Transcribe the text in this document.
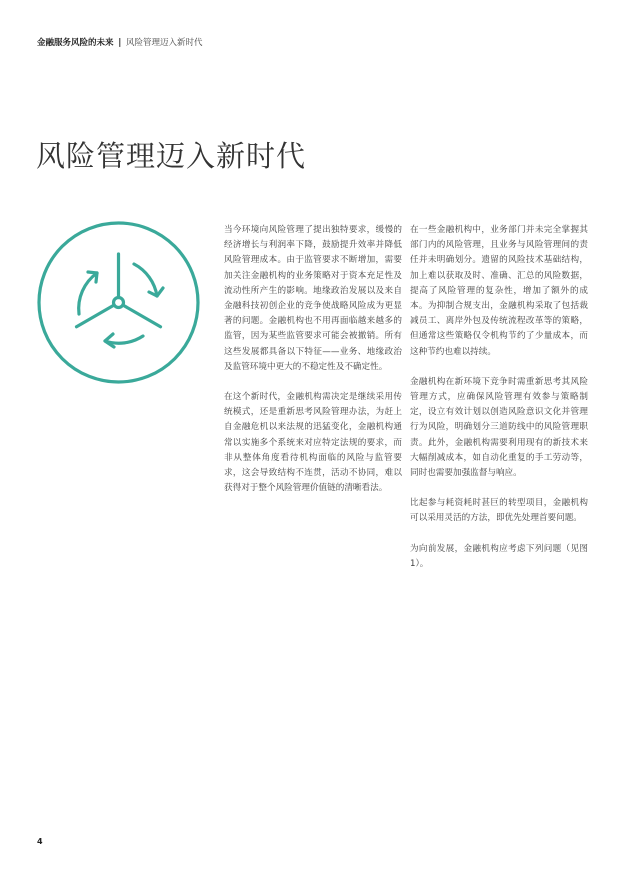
金融服务风险的未来 | 风险管理迈入新时代
风险管理迈入新时代

当今环境向风险管理了提出独特要求，缓慢的经济增长与利润率下降，鼓励提升效率并降低风险管理成本。由于监管要求不断增加，需要加关注金融机构的业务策略对于资本充足性及流动性所产生的影响。地缘政治发展以及来自金融科技初创企业的竞争使战略风险成为更显著的问题。金融机构也不用再面临越来越多的监管，因为某些监管要求可能会被撤销。所有这些发展都具备以下特征——业务、地缘政治及监管环境中更大的不稳定性及不确定性。

在这个新时代，金融机构需决定是继续采用传统模式，还是重新思考风险管理办法，为赶上自金融危机以来法规的迅猛变化，金融机构通常以实施多个系统来对应特定法规的要求，而非从整体角度看待机构面临的风险与监管要求，这会导致结构不连贯，活动不协同，难以获得对于整个风险管理价值链的清晰看法。

在一些金融机构中，业务部门并未完全掌握其部门内的风险管理，且业务与风险管理间的责任并未明确划分。遗留的风险技术基础结构，加上难以获取及时、准确、汇总的风险数据，提高了风险管理的复杂性，增加了额外的成本。为抑制合规支出，金融机构采取了包括裁减员工、离岸外包及传统流程改革等的策略，但通常这些策略仅令机构节约了少量成本，而这种节约也难以持续。

金融机构在新环境下竞争时需重新思考其风险管理方式，应确保风险管理有效参与策略制定，设立有效计划以创造风险意识文化并管理行为风险，明确划分三道防线中的风险管理职责。此外，金融机构需要利用现有的新技术来大幅削减成本，如自动化重复的手工劳动等，同时也需要加强监督与响应。

比起参与耗资耗时甚巨的转型项目，金融机构可以采用灵活的方法，即优先处理首要问题。

为向前发展，金融机构应考虑下列问题（见图1）。

4
